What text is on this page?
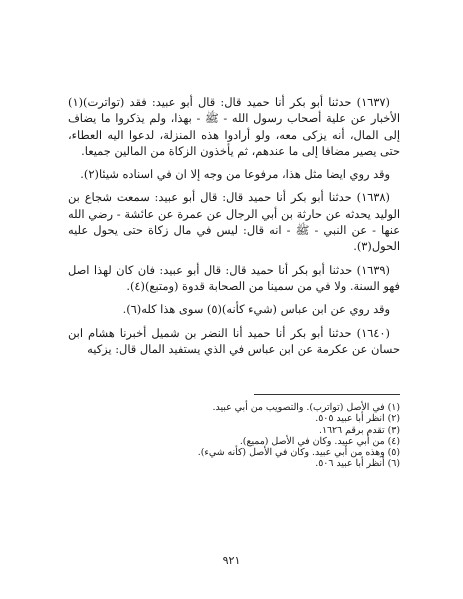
(١٦٣٧) حدثنا أبو بكر أنا حميد قال: قال أبو عبيد: فقد (تواترت)(١) الأخبار عن علية أصحاب رسول الله - ﷺ - بهذا، ولم يذكروا ما يضاف إلى المال، أنه يزكى معه، ولو أرادوا هذه المنزلة، لدعوا اليه العطاء، حتى يصير مضافا إلى ما عندهم، ثم يأخذون الزكاة من المالين جميعا.

وقد روي ايضا مثل هذا، مرفوعا من وجه إلا ان في اسناده شيئا(٢).

(١٦٣٨) حدثنا أبو بكر أنا حميد قال: قال أبو عبيد: سمعت شجاع بن الوليد يحدثه عن حارثة بن أبي الرجال عن عمرة عن عائشة - رضي الله عنها - عن النبي - ﷺ - انه قال: ليس في مال زكاة حتى يحول عليه الحول(٣).

(١٦٣٩) حدثنا أبو بكر أنا حميد قال: قال أبو عبيد: فان كان لهذا اصل فهو السنة. ولا في من سمينا من الصحابة قدوة (ومتبع)(٤).

وقد روي عن ابن عباس (شيء كأنه)(٥) سوى هذا كله(٦).

(١٦٤٠) حدثنا أبو بكر أنا حميد أنا النضر بن شميل أخبرنا هشام ابن حسان عن عكرمة عن ابن عباس في الذي يستفيد المال قال: يزكيه

(١) في الأصل (تواترب). والتصويب من أبي عبيد.
(٢) انظر أبا عبيد ٥٠٥.
(٣) تقدم برقم ١٦٢٦.
(٤) من أبي عبيد. وكان في الأصل (مميع).
(٥) وهذه من أبي عبيد. وكان في الأصل (كأنه شيء).
(٦) أنظر أبا عبيد ٥٠٦.
٩٢١
